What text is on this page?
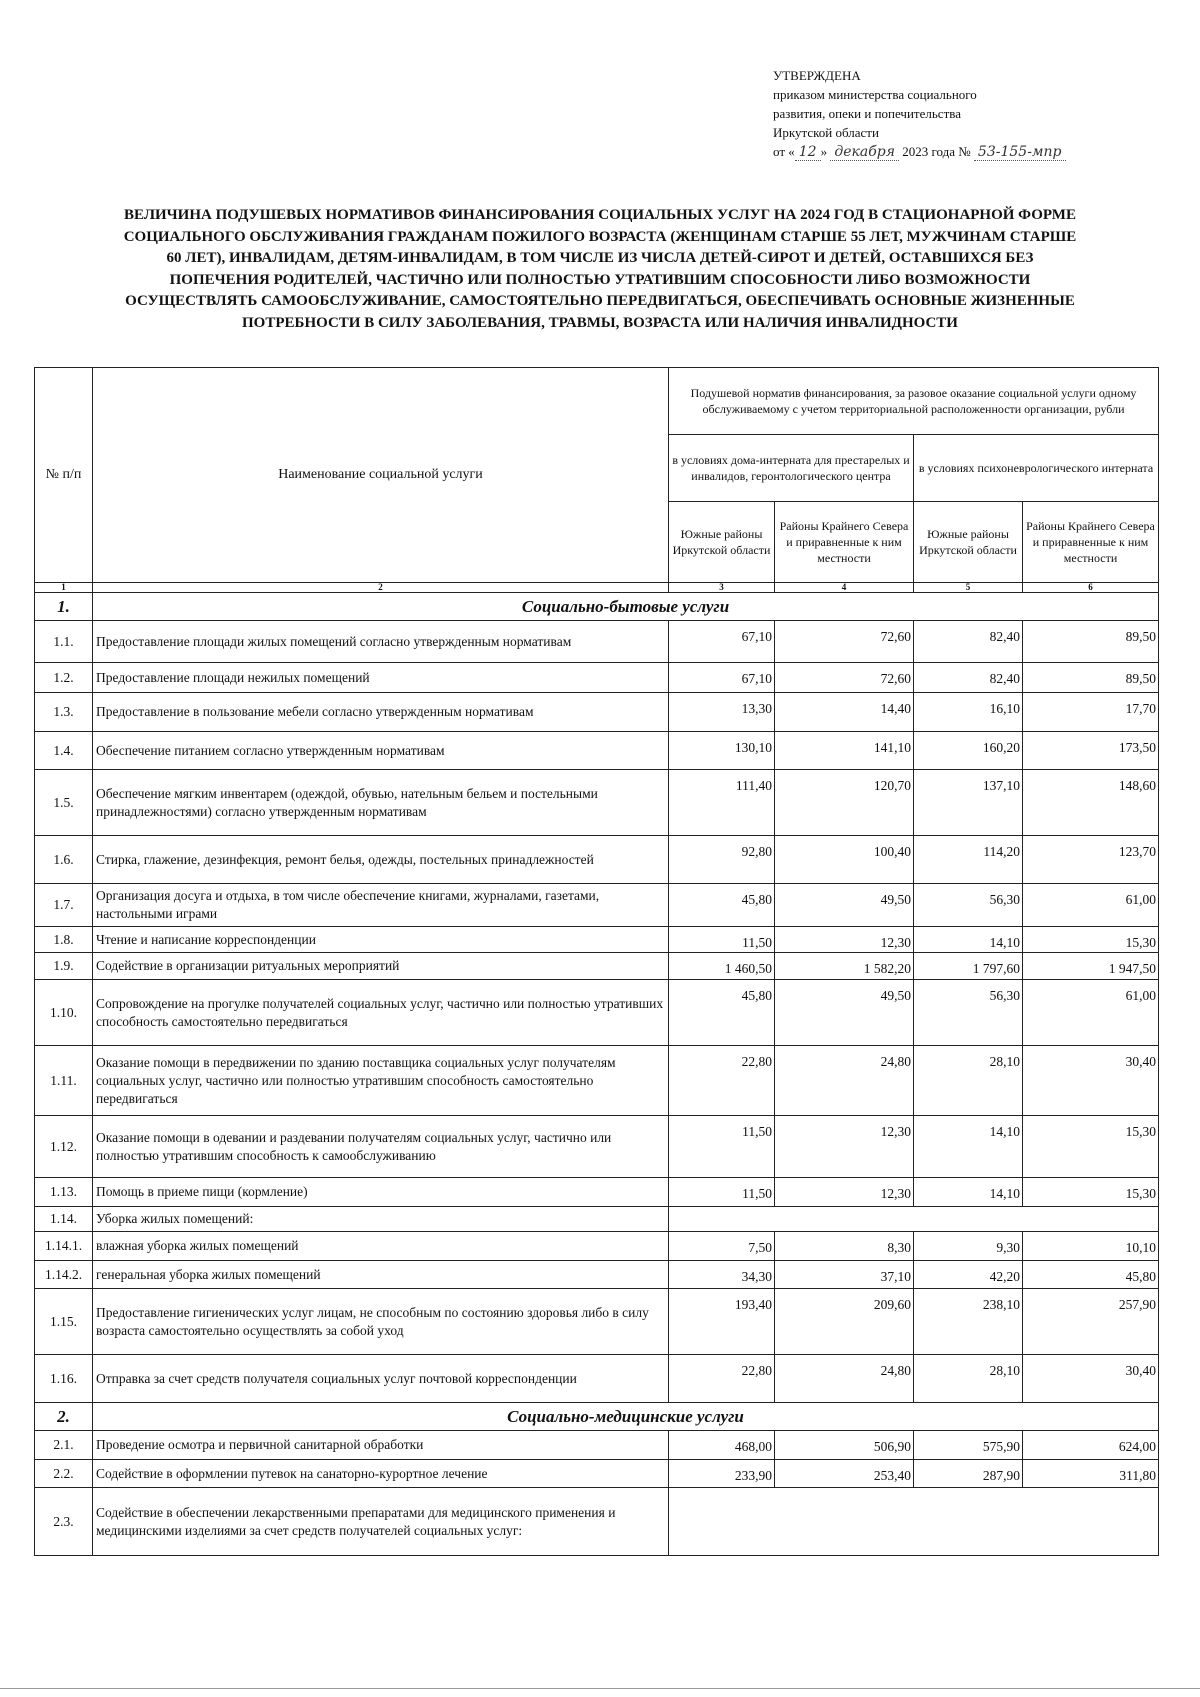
УТВЕРЖДЕНА
приказом министерства социального
развития, опеки и попечительства
Иркутской области
от « 12 » декабря 2023 года № 53-155-мпр
ВЕЛИЧИНА ПОДУШЕВЫХ НОРМАТИВОВ ФИНАНСИРОВАНИЯ СОЦИАЛЬНЫХ УСЛУГ НА 2024 ГОД В СТАЦИОНАРНОЙ ФОРМЕ
СОЦИАЛЬНОГО ОБСЛУЖИВАНИЯ ГРАЖДАНАМ ПОЖИЛОГО ВОЗРАСТА (ЖЕНЩИНАМ СТАРШЕ 55 ЛЕТ, МУЖЧИНАМ СТАРШЕ
60 ЛЕТ), ИНВАЛИДАМ, ДЕТЯМ-ИНВАЛИДАМ, В ТОМ ЧИСЛЕ ИЗ ЧИСЛА ДЕТЕЙ-СИРОТ И ДЕТЕЙ, ОСТАВШИХСЯ БЕЗ
ПОПЕЧЕНИЯ РОДИТЕЛЕЙ, ЧАСТИЧНО ИЛИ ПОЛНОСТЬЮ УТРАТИВШИМ СПОСОБНОСТИ ЛИБО ВОЗМОЖНОСТИ
ОСУЩЕСТВЛЯТЬ САМООБСЛУЖИВАНИЕ, САМОСТОЯТЕЛЬНО ПЕРЕДВИГАТЬСЯ, ОБЕСПЕЧИВАТЬ ОСНОВНЫЕ ЖИЗНЕННЫЕ
ПОТРЕБНОСТИ В СИЛУ ЗАБОЛЕВАНИЯ, ТРАВМЫ, ВОЗРАСТА ИЛИ НАЛИЧИЯ ИНВАЛИДНОСТИ
№ п/п	Наименование социальной услуги	Подушевой норматив финансирования, за разовое оказание социальной услуги одному обслуживаемому с учетом территориальной расположенности организации, рубли			
		в условиях дома-интерната для престарелых и инвалидов, геронтологического центра		в условиях психоневрологического интерната	
		Южные районы Иркутской области	Районы Крайнего Севера и приравненные к ним местности	Южные районы Иркутской области	Районы Крайнего Севера и приравненные к ним местности
1	2	3	4	5	6
1.	Социально-бытовые услуги				
1.1.	Предоставление площади жилых помещений согласно утвержденным нормативам	67,10	72,60	82,40	89,50
1.2.	Предоставление площади нежилых помещений	67,10	72,60	82,40	89,50
1.3.	Предоставление в пользование мебели согласно утвержденным нормативам	13,30	14,40	16,10	17,70
1.4.	Обеспечение питанием согласно утвержденным нормативам	130,10	141,10	160,20	173,50
1.5.	Обеспечение мягким инвентарем (одеждой, обувью, нательным бельем и постельными принадлежностями) согласно утвержденным нормативам	111,40	120,70	137,10	148,60
1.6.	Стирка, глажение, дезинфекция, ремонт белья, одежды, постельных принадлежностей	92,80	100,40	114,20	123,70
1.7.	Организация досуга и отдыха, в том числе обеспечение книгами, журналами, газетами, настольными играми	45,80	49,50	56,30	61,00
1.8.	Чтение и написание корреспонденции	11,50	12,30	14,10	15,30
1.9.	Содействие в организации ритуальных мероприятий	1 460,50	1 582,20	1 797,60	1 947,50
1.10.	Сопровождение на прогулке получателей социальных услуг, частично или полностью утративших способность самостоятельно передвигаться	45,80	49,50	56,30	61,00
1.11.	Оказание помощи в передвижении по зданию поставщика социальных услуг получателям социальных услуг, частично или полностью утратившим способность самостоятельно передвигаться	22,80	24,80	28,10	30,40
1.12.	Оказание помощи в одевании и раздевании получателям социальных услуг, частично или полностью утратившим способность к самообслуживанию	11,50	12,30	14,10	15,30
1.13.	Помощь в приеме пищи (кормление)	11,50	12,30	14,10	15,30
1.14.	Уборка жилых помещений:				
1.14.1.	влажная уборка жилых помещений	7,50	8,30	9,30	10,10
1.14.2.	генеральная уборка жилых помещений	34,30	37,10	42,20	45,80
1.15.	Предоставление гигиенических услуг лицам, не способным по состоянию здоровья либо в силу возраста самостоятельно осуществлять за собой уход	193,40	209,60	238,10	257,90
1.16.	Отправка за счет средств получателя социальных услуг почтовой корреспонденции	22,80	24,80	28,10	30,40
2.	Социально-медицинские услуги				
2.1.	Проведение осмотра и первичной санитарной обработки	468,00	506,90	575,90	624,00
2.2.	Содействие в оформлении путевок на санаторно-курортное лечение	233,90	253,40	287,90	311,80
2.3.	Содействие в обеспечении лекарственными препаратами для медицинского применения и медицинскими изделиями за счет средств получателей социальных услуг:				
